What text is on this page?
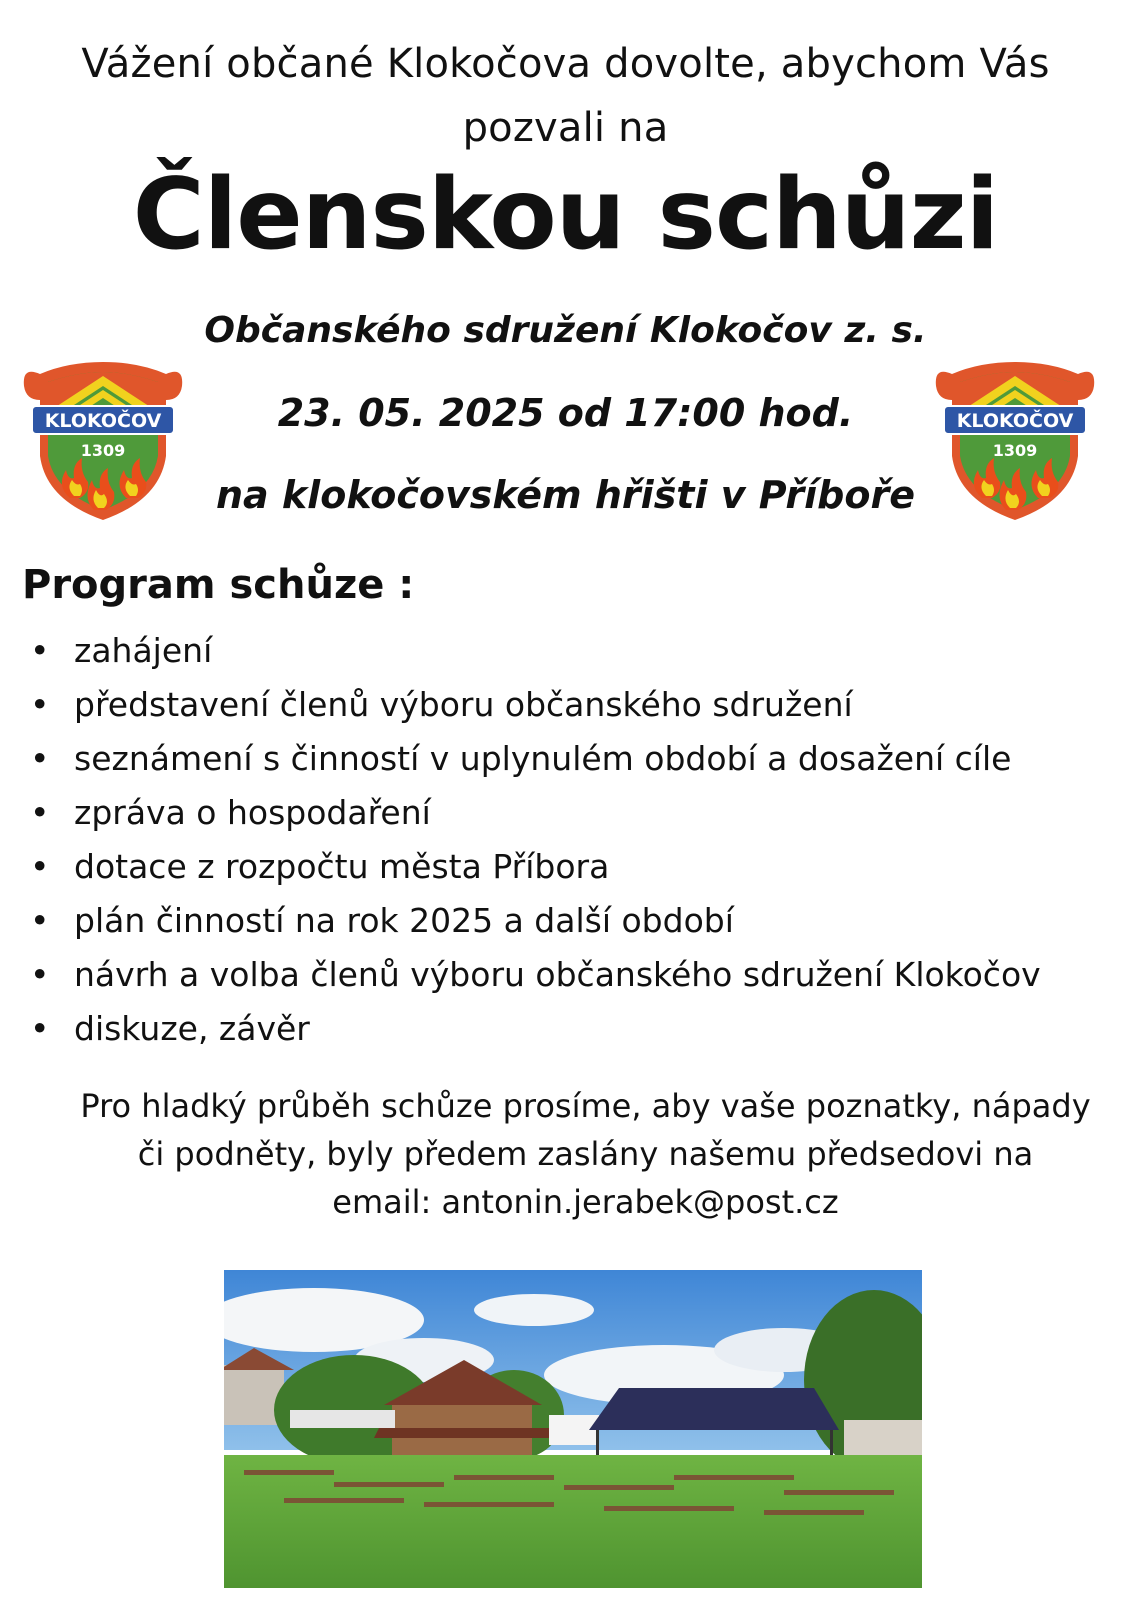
Vážení občané Klokočova dovolte, abychom Vás
pozvali na
Členskou schůzi
Občanského sdružení Klokočov z. s.
KLOKOČOV
1309
KLOKOČOV
1309
23. 05. 2025 od 17:00 hod.
na klokočovském hřišti v Příboře
Program schůze :
• zahájení
• představení členů výboru občanského sdružení
• seznámení s činností v uplynulém období a dosažení cíle
• zpráva o hospodaření
• dotace z rozpočtu města Příbora
• plán činností na rok 2025 a další období
• návrh a volba členů výboru občanského sdružení Klokočov
• diskuze, závěr
Pro hladký průběh schůze prosíme, aby vaše poznatky, nápady
či podněty, byly předem zaslány našemu předsedovi na
email: antonin.jerabek@post.cz
